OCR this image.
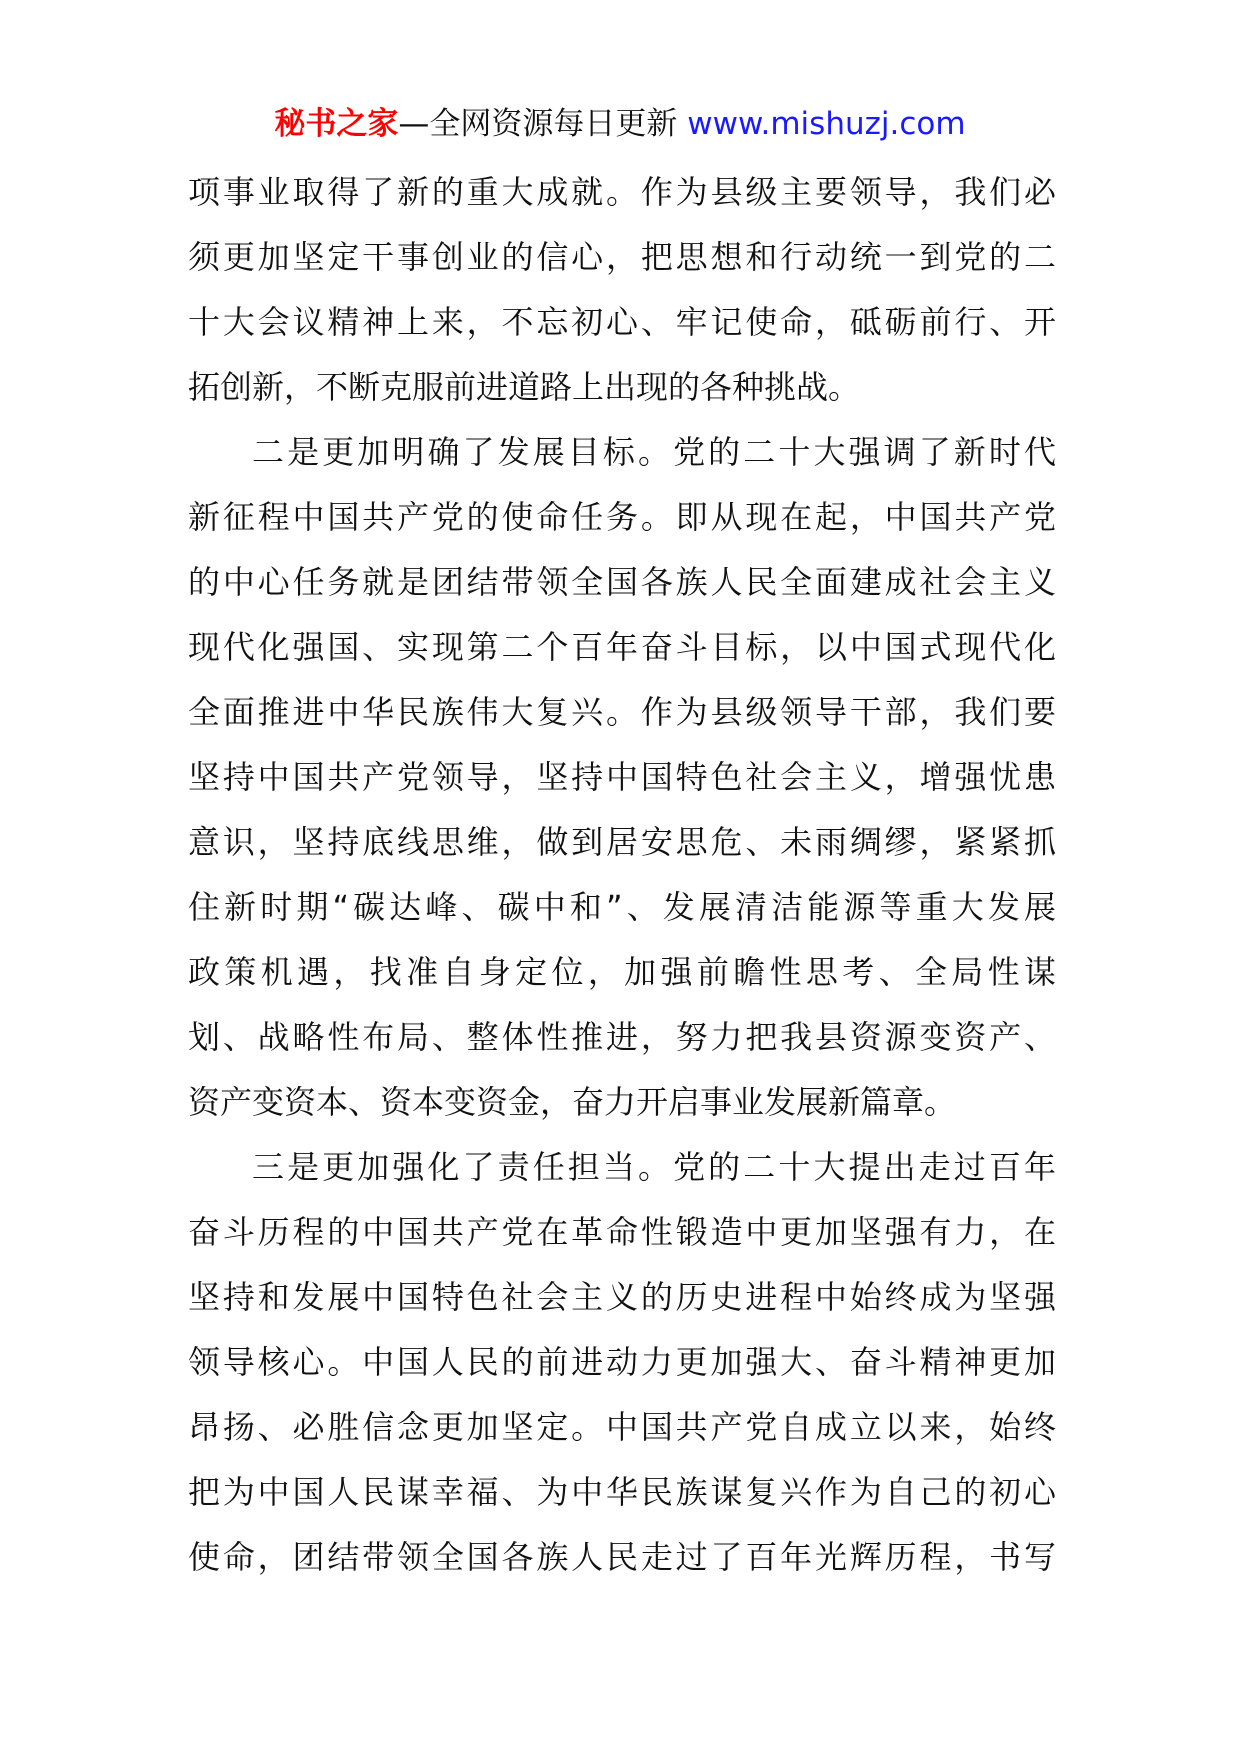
秘书之家—全网资源每日更新 www.mishuzj.com
项事业取得了新的重大成就。作为县级主要领导，我们必
须更加坚定干事创业的信心，把思想和行动统一到党的二
十大会议精神上来，不忘初心、牢记使命，砥砺前行、开
拓创新，不断克服前进道路上出现的各种挑战。
二是更加明确了发展目标。党的二十大强调了新时代
新征程中国共产党的使命任务。即从现在起，中国共产党
的中心任务就是团结带领全国各族人民全面建成社会主义
现代化强国、实现第二个百年奋斗目标，以中国式现代化
全面推进中华民族伟大复兴。作为县级领导干部，我们要
坚持中国共产党领导，坚持中国特色社会主义，增强忧患
意识，坚持底线思维，做到居安思危、未雨绸缪，紧紧抓
住新时期“碳达峰、碳中和”、发展清洁能源等重大发展
政策机遇，找准自身定位，加强前瞻性思考、全局性谋
划、战略性布局、整体性推进，努力把我县资源变资产、
资产变资本、资本变资金，奋力开启事业发展新篇章。
三是更加强化了责任担当。党的二十大提出走过百年
奋斗历程的中国共产党在革命性锻造中更加坚强有力，在
坚持和发展中国特色社会主义的历史进程中始终成为坚强
领导核心。中国人民的前进动力更加强大、奋斗精神更加
昂扬、必胜信念更加坚定。中国共产党自成立以来，始终
把为中国人民谋幸福、为中华民族谋复兴作为自己的初心
使命，团结带领全国各族人民走过了百年光辉历程，书写
